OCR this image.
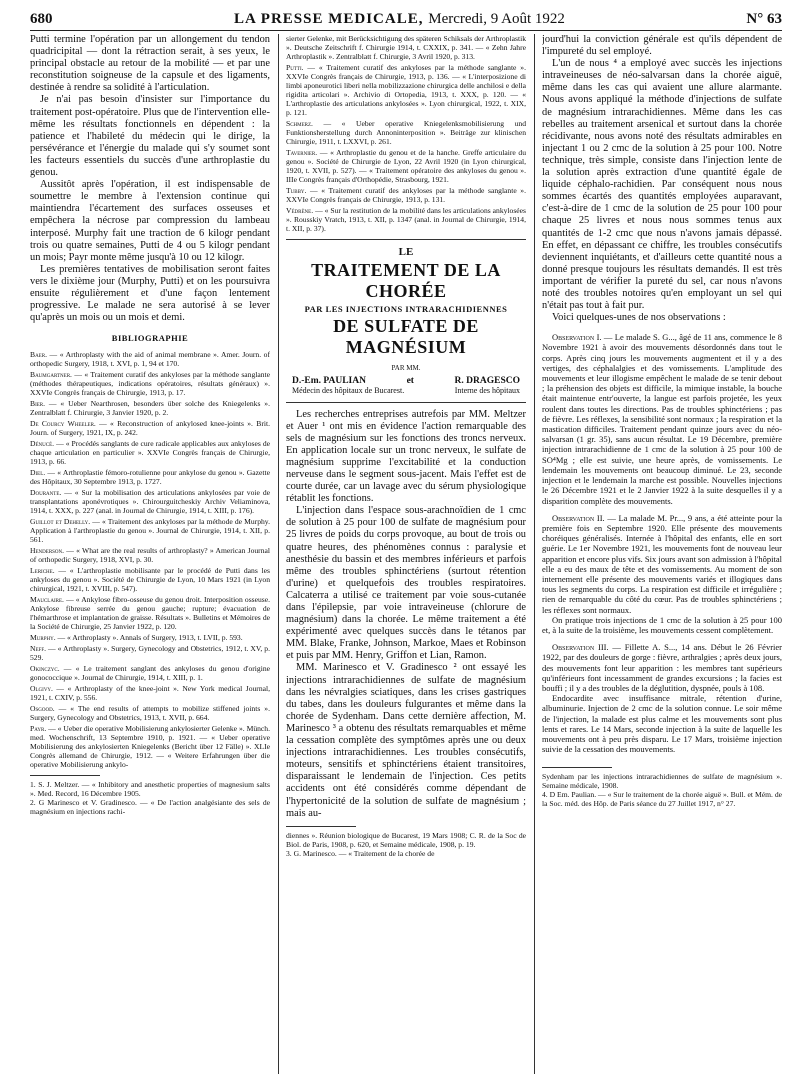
680	LA PRESSE MEDICALE, Mercredi, 9 Août 1922	N° 63

Putti termine l'opération par un allongement du tendon quadricipital — dont la rétraction serait, à ses yeux, le principal obstacle au retour de la mobilité — et par une reconstitution soigneuse de la capsule et des ligaments, destinée à rendre sa solidité à l'articulation.

Je n'ai pas besoin d'insister sur l'importance du traitement post-opératoire. Plus que de l'intervention elle-même les résultats fonctionnels en dépendent : la patience et l'habileté du médecin qui le dirige, la persévérance et l'énergie du malade qui s'y soumet sont les facteurs essentiels du succès d'une arthroplastie du genou.

Aussitôt après l'opération, il est indispensable de soumettre le membre à l'extension continue qui maintiendra l'écartement des surfaces osseuses et empêchera la nécrose par compression du lambeau interposé. Murphy fait une traction de 6 kilogr pendant trois ou quatre semaines, Putti de 4 ou 5 kilogr pendant un mois; Payr monte même jusqu'à 10 ou 12 kilogr.

Les premières tentatives de mobilisation seront faites vers le dixième jour (Murphy, Putti) et on les poursuivra ensuite régulièrement et d'une façon lentement progressive. Le malade ne sera autorisé à se lever qu'après un mois ou un mois et demi.

BIBLIOGRAPHIE

Baer. — « Arthroplasty with the aid of animal membrane ». Amer. Journ. of orthopedic Surgery, 1918, t. XVI, p. 1, 94 et 170.

Baumgartner. — « Traitement curatif des ankyloses par la méthode sanglante (méthodes thérapeutiques, indications opératoires, résultats généraux) ». XXVIe Congrès français de Chirurgie, 1913, p. 17.

Bier. — « Ueber Nearthrosen, besonders über solche des Kniegelenks ». Zentralblatt f. Chirurgie, 3 Janvier 1920, p. 2.

De Courcy Wheeler. — « Reconstruction of ankylosed knee-joints ». Brit. Journ. of Surgery, 1921, IX, p. 242.

Dénucé. — « Procédés sanglants de cure radicale applicables aux ankyloses de chaque articulation en particulier ». XXVIe Congrès français de Chirurgie, 1913, p. 66.

Diel. — « Arthroplastie fémoro-rotulienne pour ankylose du genou ». Gazette des Hôpitaux, 30 Septembre 1913, p. 1727.

Dourante. — « Sur la mobilisation des articulations ankylosées par voie de transplantations aponévrotiques ». Chirourguitcheskiy Archiv Veliaminova, 1914, t. XXX, p. 227 (anal. in Journal de Chirurgie, 1914, t. XIII, p. 176).

Guillot et Dehelly. — « Traitement des ankyloses par la méthode de Murphy. Application à l'arthroplastie du genou ». Journal de Chirurgie, 1914, t. XII, p. 561.

Henderson. — « What are the real results of arthroplasty? » American Journal of orthopedic Surgery, 1918, XVI, p. 30.

Leriche. — « L'arthroplastie mobilisante par le procédé de Putti dans les ankyloses du genou ». Société de Chirurgie de Lyon, 10 Mars 1921 (in Lyon chirurgical, 1921, t. XVIII, p. 547).

Mauclaire. — « Ankylose fibro-osseuse du genou droit. Interposition osseuse. Ankylose fibreuse serrée du genou gauche; rupture; évacuation de l'hémarthrose et implantation de graisse. Résultats ». Bulletins et Mémoires de la Société de Chirurgie, 25 Janvier 1922, p. 120.

Murphy. — « Arthroplasty ». Annals of Surgery, 1913, t. LVII, p. 593.

Neff. — « Arthroplasty ». Surgery, Gynecology and Obstetrics, 1912, t. XV, p. 529.

Okinczyc. — « Le traitement sanglant des ankyloses du genou d'origine gonococcique ». Journal de Chirurgie, 1914, t. XIII, p. 1.

Olgivy. — « Arthroplasty of the knee-joint ». New York medical Journal, 1921, t. CXIV, p. 556.

Osgood. — « The end results of attempts to mobilize stiffened joints ». Surgery, Gynecology and Obstetrics, 1913, t. XVII, p. 664.

Payr. — « Ueber die operative Mobilisierung ankylosierter Gelenke ». Münch. med. Wochenschrift, 13 Septembre 1910, p. 1921. — « Ueber operative Mobilisierung des ankylosierten Kniegelenks (Bericht über 12 Fälle) ». XLIe Congrès allemand de Chirurgie, 1912. — « Weitere Erfahrungen über die operative Mobilisierung ankylo-

1. S. J. Meltzer. — « Inhibitory and anesthetic properties of magnesium salts ». Med. Record, 16 Décembre 1905.

2. G Marinesco et V. Gradinesco. — « De l'action analgésiante des sels de magnésium en injections rachi-

sierter Gelenke, mit Berücksichtigung des späteren Schiksals der Arthroplastik ». Deutsche Zeitschrift f. Chirurgie 1914, t. CXXIX, p. 341. — « Zehn Jahre Arthroplastik ». Zentralblatt f. Chirurgie, 3 Avril 1920, p. 313.

Putti. — « Traitement curatif des ankyloses par la méthode sanglante ». XXVIe Congrès français de Chirurgie, 1913, p. 136. — « L'interposizione di limbi aponeurotici liberi nella mobilizzazione chirurgica delle anchilosi e della rigidita articolari ». Archivio di Ortopedia, 1913, t. XXX, p. 120. — « L'arthroplastie des articulations ankylosées ». Lyon chirurgical, 1922, t. XIX, p. 121.

Schmerz. — « Ueber operative Kniegelenksmobilisierung und Funktionsherstellung durch Annoninterposition ». Beiträge zur klinischen Chirurgie, 1911, t. LXXVI, p. 261.

Tavernier. — « Arthroplastie du genou et de la hanche. Greffe articulaire du genou ». Société de Chirurgie de Lyon, 22 Avril 1920 (in Lyon chirurgical, 1920, t. XVII, p. 527). — « Traitement opératoire des ankyloses du genou ». IIIe Congrès français d'Orthopédie, Strasbourg, 1921.

Tubby. — « Traitement curatif des ankyloses par la méthode sanglante ». XXVIe Congrès français de Chirurgie, 1913, p. 131.

Védrène. — « Sur la restitution de la mobilité dans les articulations ankylosées ». Rousskiy Vratch, 1913, t. XII, p. 1347 (anal. in Journal de Chirurgie, 1914, t. XII, p. 37).

LE
TRAITEMENT DE LA CHORÉE
PAR LES INJECTIONS INTRARACHIDIENNES
DE SULFATE DE MAGNÉSIUM
PAR MM.
D.-Em. PAULIAN	et	R. DRAGESCO
Médecin des hôpitaux de Bucarest.	Interne des hôpitaux

Les recherches entreprises autrefois par MM. Meltzer et Auer ¹ ont mis en évidence l'action remarquable des sels de magnésium sur les fonctions des troncs nerveux. En application locale sur un tronc nerveux, le sulfate de magnésium supprime l'excitabilité et la conduction nerveuse dans le segment sous-jacent. Mais l'effet est de courte durée, car un lavage avec du sérum physiologique rétablit les fonctions.

L'injection dans l'espace sous-arachnoïdien de 1 cmc de solution à 25 pour 100 de sulfate de magnésium pour 25 livres de poids du corps provoque, au bout de trois ou quatre heures, des phénomènes connus : paralysie et anesthésie du bassin et des membres inférieurs et parfois même des troubles sphinctériens (surtout rétention d'urine) et quelquefois des troubles respiratoires. Calcaterra a utilisé ce traitement par voie sous-cutanée dans l'épilepsie, par voie intraveineuse (chlorure de magnésium) dans la chorée. Le même traitement a été expérimenté avec quelques succès dans le tétanos par MM. Blake, Franke, Johnson, Markoe, Maes et Robinson et puis par MM. Henry, Griffon et Lian, Ramon.

MM. Marinesco et V. Gradinesco ² ont essayé les injections intrarachidiennes de sulfate de magnésium dans les névralgies sciatiques, dans les crises gastriques du tabes, dans les douleurs fulgurantes et même dans la chorée de Sydenham. Dans cette dernière affection, M. Marinesco ³ a obtenu des résultats remarquables et même la cessation complète des symptômes après une ou deux injections intrarachidiennes. Les troubles consécutifs, moteurs, sensitifs et sphinctériens étaient transitoires, disparaissant le lendemain de l'injection. Ces petits accidents ont été considérés comme dépendant de l'hypertonicité de la solution de sulfate de magnésium ; mais au-

diennes ». Réunion biologique de Bucarest, 19 Mars 1908; C. R. de la Soc de Biol. de Paris, 1908, p. 620, et Semaine médicale, 1908, p. 19.

3. G. Marinesco. — « Traitement de la chorée de

jourd'hui la conviction générale est qu'ils dépendent de l'impureté du sel employé.

L'un de nous ⁴ a employé avec succès les injections intraveineuses de néo-salvarsan dans la chorée aiguë, même dans les cas qui avaient une allure alarmante. Nous avons appliqué la méthode d'injections de sulfate de magnésium intrarachidiennes. Même dans les cas rebelles au traitement arsenical et surtout dans la chorée récidivante, nous avons noté des résultats admirables en injectant 1 ou 2 cmc de la solution à 25 pour 100. Notre technique, très simple, consiste dans l'injection lente de la solution après extraction d'une quantité égale de liquide céphalo-rachidien. Par conséquent nous nous sommes écartés des quantités employées auparavant, c'est-à-dire de 1 cmc de la solution de 25 pour 100 pour chaque 25 livres et nous nous sommes tenus aux quantités de 1-2 cmc que nous n'avons jamais dépassé. En effet, en dépassant ce chiffre, les troubles consécutifs deviennent inquiétants, et d'ailleurs cette quantité nous a donné presque toujours les résultats demandés. Il est très important de vérifier la pureté du sel, car nous n'avons noté des troubles notoires qu'en employant un sel qui n'était pas tout à fait pur.

Voici quelques-unes de nos observations :

Observation I. — Le malade S. G..., âgé de 11 ans, commence le 8 Novembre 1921 à avoir des mouvements désordonnés dans tout le corps. Après cinq jours les mouvements augmentent et il y a des vertiges, des céphalalgies et des vomissements. L'amplitude des mouvements et leur illogisme empêchent le malade de se tenir debout ; la préhension des objets est difficile, la mimique instable, la bouche était maintenue entr'ouverte, la langue est parfois projetée, les yeux roulent dans toutes les directions. Pas de troubles sphinctériens ; pas de fièvre. Les réflexes, la sensibilité sont normaux ; la respiration et la mastication difficiles. Traitement pendant quinze jours avec du néo-salvarsan (1 gr. 35), sans aucun résultat. Le 19 Décembre, première injection intrarachidienne de 1 cmc de la solution à 25 pour 100 de SO⁴Mg ; elle est suivie, une heure après, de vomissements. Le lendemain les mouvements ont beaucoup diminué. Le 23, seconde injection et le lendemain la marche est possible. Nouvelles injections le 26 Décembre 1921 et le 2 Janvier 1922 à la suite desquelles il y a disparition complète des mouvements.

Observation II. — La malade M. Pr..., 9 ans, a été atteinte pour la première fois en Septembre 1920. Elle présente des mouvements choréiques généralisés. Internée à l'hôpital des enfants, elle en sort guérie. Le 1er Novembre 1921, les mouvements font de nouveau leur apparition et encore plus vifs. Six jours avant son admission à l'hôpital elle a eu des maux de tête et des vomissements. Au moment de son internement elle présente des mouvements variés et illogiques dans tous les segments du corps. La respiration est difficile et irrégulière ; rien de remarquable du côté du cœur. Pas de troubles sphinctériens ; les réflexes sont normaux.

On pratique trois injections de 1 cmc de la solution à 25 pour 100 et, à la suite de la troisième, les mouvements cessent complètement.

Observation III. — Fillette A. S..., 14 ans. Début le 26 Février 1922, par des douleurs de gorge : fièvre, arthralgies ; après deux jours, des mouvements font leur apparition : les membres tant supérieurs qu'inférieurs font incessamment de grandes excursions ; la facies est bouffi ; il y a des troubles de la déglutition, dyspnée, pouls à 108.

Endocardite avec insuffisance mitrale, rétention d'urine, albuminurie. Injection de 2 cmc de la solution connue. Le soir même de l'injection, la malade est plus calme et les mouvements sont plus lents et rares. Le 14 Mars, seconde injection à la suite de laquelle les mouvements ont à peu près disparu. Le 17 Mars, troisième injection suivie de la cessation des mouvements.

Sydenham par les injections intrarachidiennes de sulfate de magnésium ». Semaine médicale, 1908.

4. D Em. Paulian. — « Sur le traitement de la chorée aiguë ». Bull. et Mém. de la Soc. méd. des Hôp. de Paris séance du 27 Juillet 1917, n° 27.
